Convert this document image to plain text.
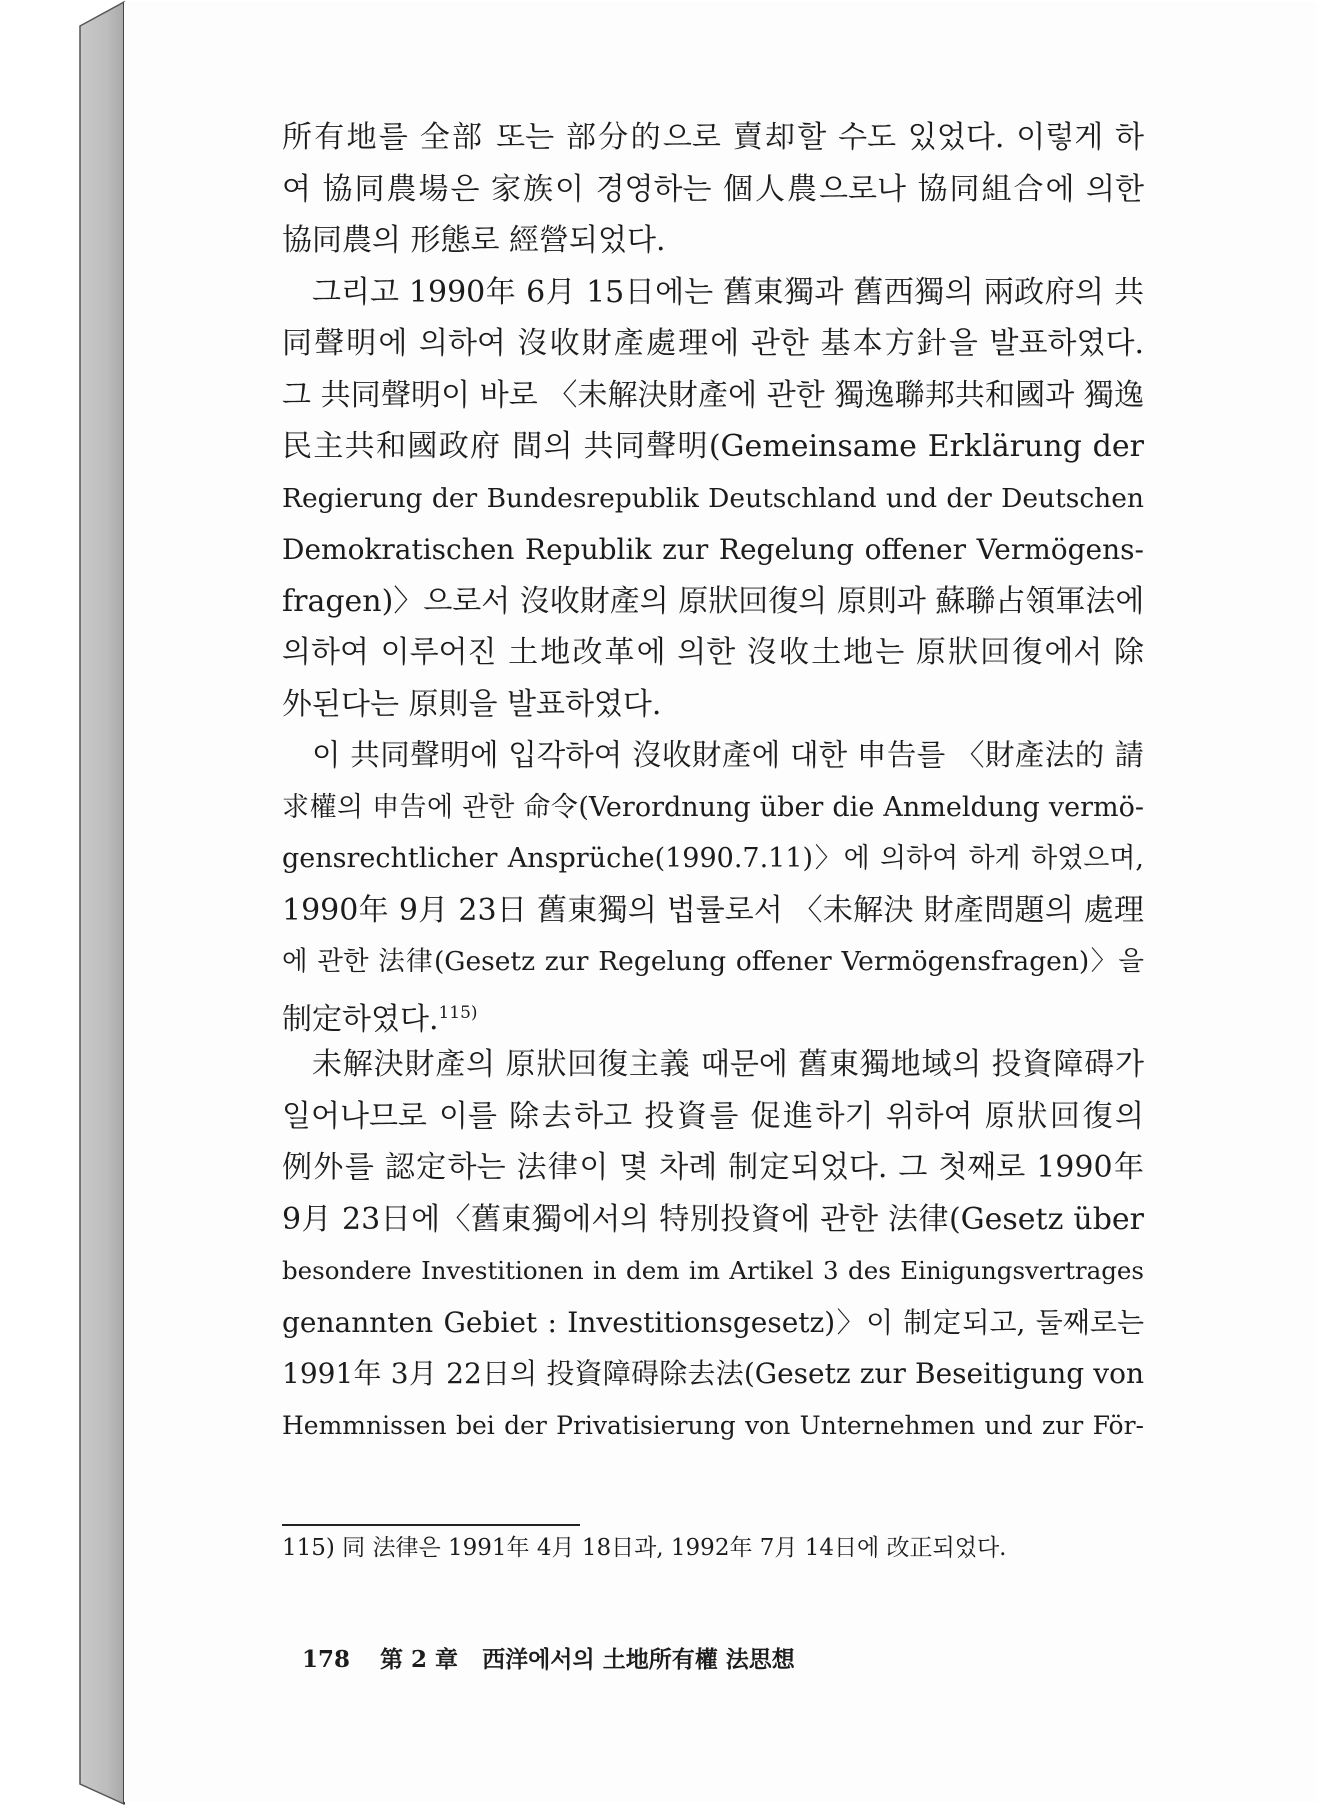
所有地를 全部 또는 部分的으로 賣却할 수도 있었다. 이렇게 하
여 協同農場은 家族이 경영하는 個人農으로나 協同組合에 의한
協同農의 形態로 經營되었다.
그리고 1990年 6月 15日에는 舊東獨과 舊西獨의 兩政府의 共
同聲明에 의하여 沒收財產處理에 관한 基本方針을 발표하였다.
그 共同聲明이 바로 〈未解決財產에 관한 獨逸聯邦共和國과 獨逸
民主共和國政府 間의 共同聲明(Gemeinsame Erklärung der
Regierung der Bundesrepublik Deutschland und der Deutschen
Demokratischen Republik zur Regelung offener Vermögens-
fragen)〉으로서 沒收財產의 原狀回復의 原則과 蘇聯占領軍法에
의하여 이루어진 土地改革에 의한 沒收土地는 原狀回復에서 除
外된다는 原則을 발표하였다.
이 共同聲明에 입각하여 沒收財產에 대한 申告를 〈財產法的 請
求權의 申告에 관한 命令(Verordnung über die Anmeldung vermö-
gensrechtlicher Ansprüche(1990.7.11)〉에 의하여 하게 하였으며,
1990年 9月 23日 舊東獨의 법률로서 〈未解決 財產問題의 處理
에 관한 法律(Gesetz zur Regelung offener Vermögensfragen)〉을
制定하였다.$^{115)}$
未解決財產의 原狀回復主義 때문에 舊東獨地域의 投資障碍가
일어나므로 이를 除去하고 投資를 促進하기 위하여 原狀回復의
例外를 認定하는 法律이 몇 차례 制定되었다. 그 첫째로 1990年
9月 23日에〈舊東獨에서의 特別投資에 관한 法律(Gesetz über
besondere Investitionen in dem im Artikel 3 des Einigungsvertrages
genannten Gebiet : Investitionsgesetz)〉이 制定되고, 둘째로는
1991年 3月 22日의 投資障碍除去法(Gesetz zur Beseitigung von
Hemmnissen bei der Privatisierung von Unternehmen und zur För-
115) 同 法律은 1991年 4月 18日과, 1992年 7月 14日에 改正되었다.
178 第 2 章 西洋에서의 土地所有權 法思想
